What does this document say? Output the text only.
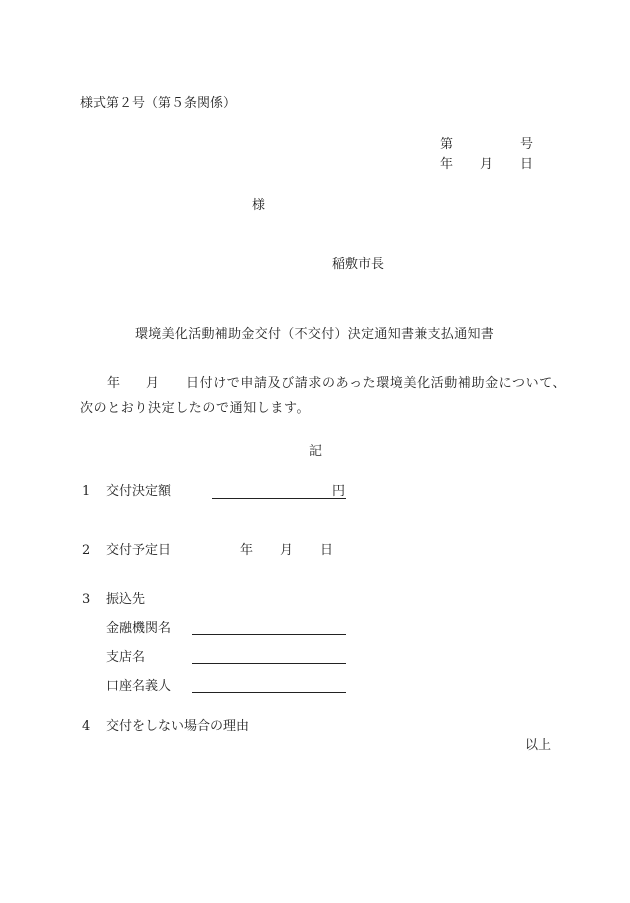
様式第２号（第５条関係）
第	号
年 月 日
様
稲敷市長
環境美化活動補助金交付（不交付）決定通知書兼支払通知書
年 月 日付けで申請及び請求のあった環境美化活動補助金について、
次のとおり決定したので通知します。
記
1 交付決定額	円
2 交付予定日	年 月 日
3 振込先
金融機関名
支店名
口座名義人
4 交付をしない場合の理由
以上
